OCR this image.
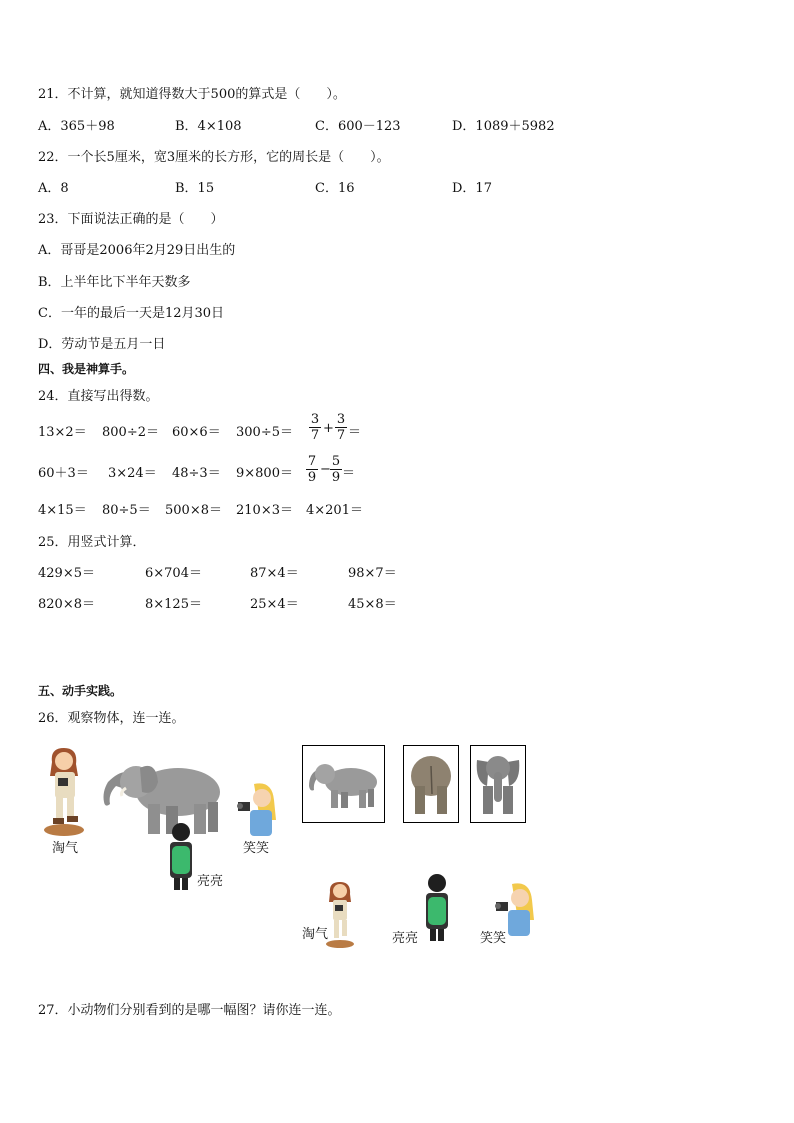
21．不计算，就知道得数大于500的算式是（　　）。
A．365＋98	B．4×108	C．600－123	D．1089＋5982
22．一个长5厘米，宽3厘米的长方形，它的周长是（　　）。
A．8	B．15	C．16	D．17
23．下面说法正确的是（　　）
A．哥哥是2006年2月29日出生的
B．上半年比下半年天数多
C．一年的最后一天是12月30日
D．劳动节是五月一日
四、我是神算手。
24．直接写出得数。
$13\times 2= 800\div 2= 60\times 6= 300\div 5= \frac{3}{7} + \frac{3}{7}$ ＝
$60+3= 3\times 24= 48\div 3= 9\times 800= \frac{7}{9} - \frac{5}{9}$ ＝
4×15＝ 80÷5＝ 500×8＝ 210×3＝ 4×201＝
25．用竖式计算．
429×5＝	6×704＝	87×4＝	98×7＝
820×8＝	8×125＝	25×4＝	45×8＝
五、动手实践。
26．观察物体，连一连。
淘气
亮亮
笑笑
淘气	亮亮	笑笑
27．小动物们分别看到的是哪一幅图？请你连一连。
